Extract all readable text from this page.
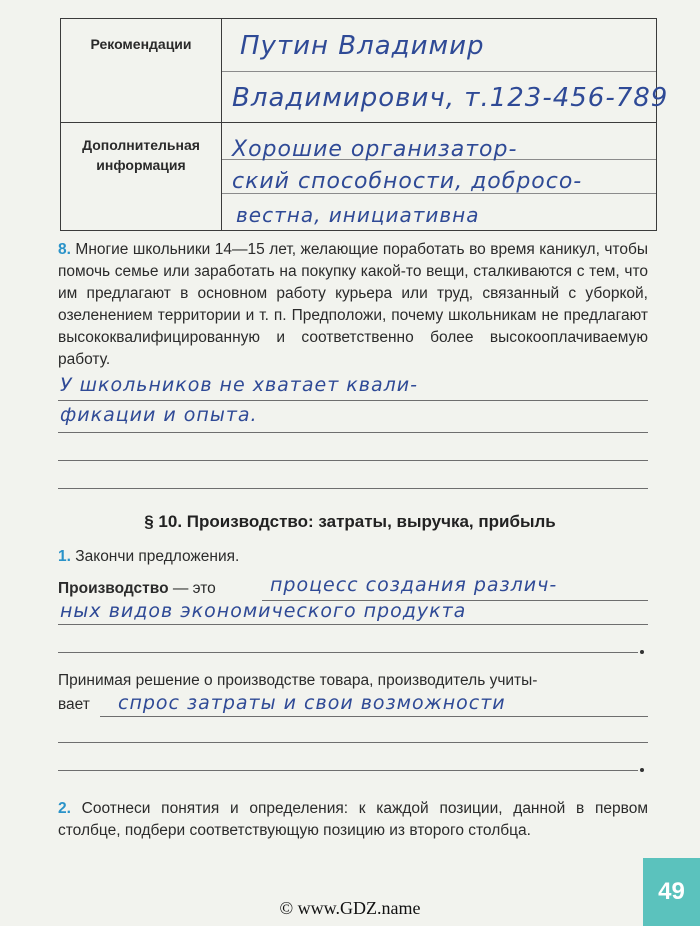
Рекомендации	Путин Владимир
Владимирович, т.123-456-789

Дополнительная информация	Хорошие организатор-
ский способности, добросо-
вестна, инициативна
8. Многие школьники 14—15 лет, желающие поработать во время каникул, чтобы помочь семье или заработать на покупку какой-то вещи, сталкиваются с тем, что им предлагают в основном работу курьера или труд, связанный с уборкой, озеленением территории и т. п. Предположи, почему школьникам не предлагают высококвалифицированную и соответственно более высокооплачиваемую работу.
У школьников не хватает квали-
фикации и опыта.
§ 10. Производство: затраты, выручка, прибыль
1. Закончи предложения.
Производство — это	процесс создания различ-
ных видов экономического продукта
Принимая решение о производстве товара, производитель учиты-
вает спрос затраты и свои возможности
2. Соотнеси понятия и определения: к каждой позиции, данной в первом столбце, подбери соответствующую позицию из второго столбца.
49
© www.GDZ.name
